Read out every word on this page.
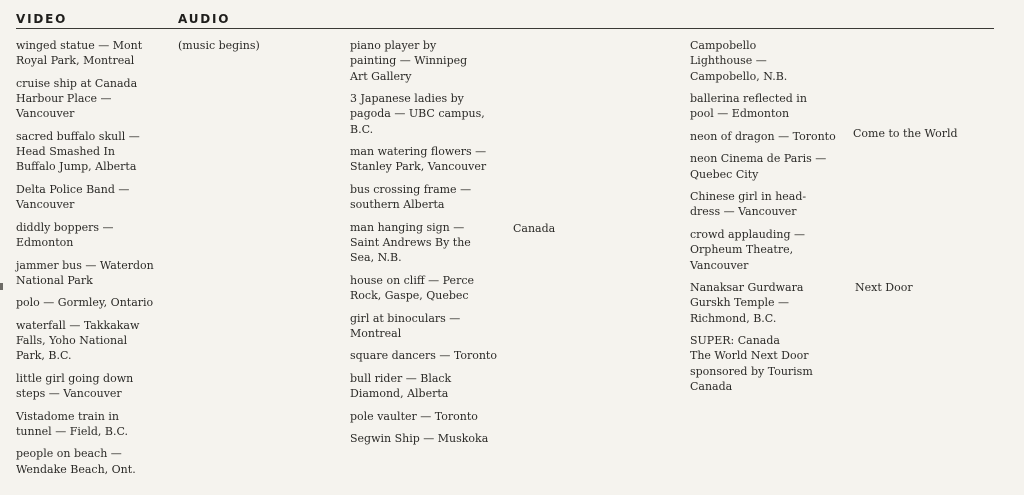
VIDEO	AUDIO
winged statue — Mont
Royal Park, Montreal
cruise ship at Canada
Harbour Place —
Vancouver
sacred buffalo skull —
Head Smashed In
Buffalo Jump, Alberta
Delta Police Band —
Vancouver
diddly boppers —
Edmonton
jammer bus — Waterdon
National Park
polo — Gormley, Ontario
waterfall — Takkakaw
Falls, Yoho National
Park, B.C.
little girl going down
steps — Vancouver
Vistadome train in
tunnel — Field, B.C.
people on beach —
Wendake Beach, Ont.
piano player by
painting — Winnipeg
Art Gallery
3 Japanese ladies by
pagoda — UBC campus,
B.C.
man watering flowers —
Stanley Park, Vancouver
bus crossing frame —
southern Alberta
man hanging sign —
Saint Andrews By the
Sea, N.B.
house on cliff — Perce
Rock, Gaspe, Quebec
girl at binoculars —
Montreal
square dancers — Toronto
bull rider — Black
Diamond, Alberta
pole vaulter — Toronto
Segwin Ship — Muskoka
Campobello
Lighthouse —
Campobello, N.B.
ballerina reflected in
pool — Edmonton
neon of dragon — Toronto
neon Cinema de Paris —
Quebec City
Chinese girl in head-
dress — Vancouver
crowd applauding —
Orpheum Theatre,
Vancouver
Nanaksar Gurdwara
Gurskh Temple —
Richmond, B.C.
SUPER: Canada
The World Next Door
sponsored by Tourism
Canada
(music begins)
Canada
Come to the World
Next Door
